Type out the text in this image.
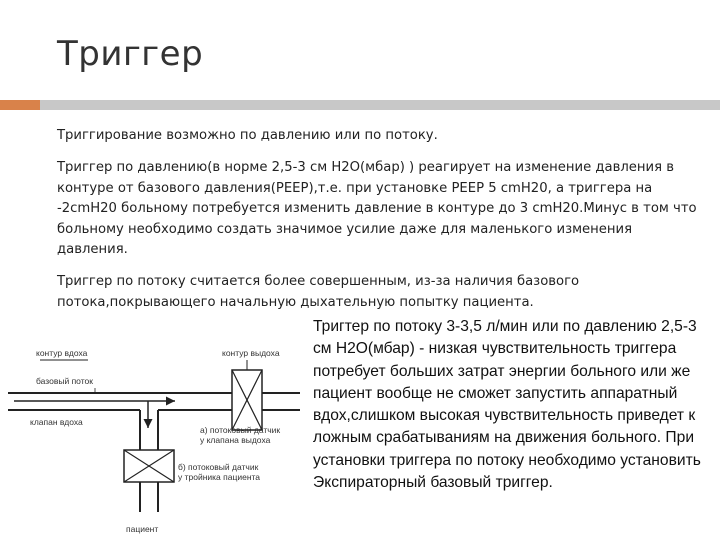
Триггер
Триггирование возможно по давлению или по потоку.
Триггер по давлению(в норме 2,5-3 см Н2О(мбар) ) реагирует на изменение давления в контуре от базового давления(PEEP),т.е. при установке PEEP 5 cmH20, а триггера на -2cmH20 больному потребуется изменить давление в контуре до 3 cmH20.Минус в том что больному необходимо создать значимое усилие даже для маленького изменения давления.
Триггер по потоку считается более совершенным, из-за наличия базового потока,покрывающего начальную дыхательную попытку пациента.
Тригтер по потоку 3-3,5 л/мин или по давлению 2,5-3 см Н2О(мбар) - низкая чувствительность триггера потребует больших затрат энергии больного или же пациент вообще не сможет запустить аппаратный вдох,слишком высокая чувствительность приведет к ложным срабатываниям на движения больного. При установки триггера по потоку необходимо установить Экспираторный базовый триггер.
контур вдоха
базовый поток
клапан вдоха
контур выдоха
а) потоковый датчик
у клапана выдоха
б) потоковый датчик
у тройника пациента
пациент
